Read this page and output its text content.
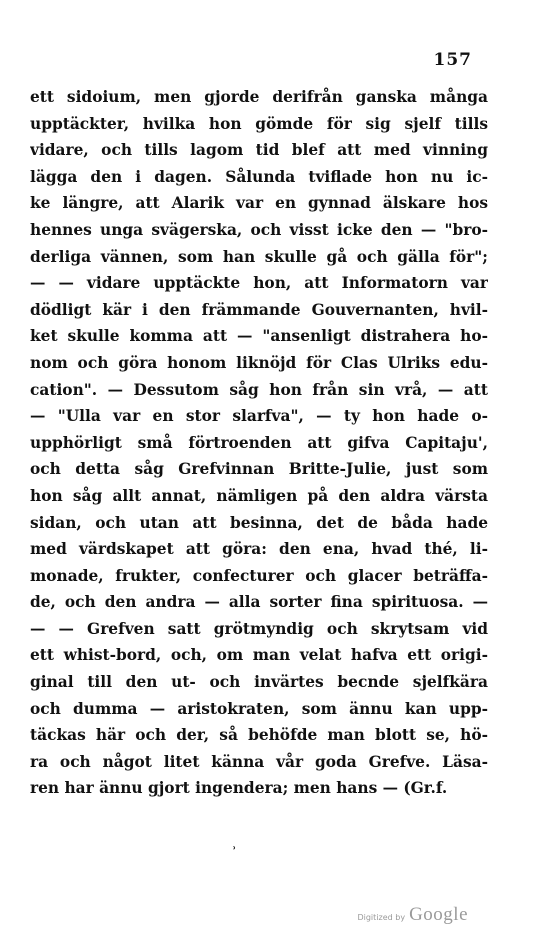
157
ett sidoium, men gjorde derifrån ganska många
upptäckter, hvilka hon gömde för sig sjelf tills
vidare, och tills lagom tid blef att med vinning
lägga den i dagen. Sålunda tviflade hon nu ic-
ke längre, att Alarik var en gynnad älskare hos
hennes unga svägerska, och visst icke den — "bro-
derliga vännen, som han skulle gå och gälla för";
— — vidare upptäckte hon, att Informatorn var
dödligt kär i den främmande Gouvernanten, hvil-
ket skulle komma att — "ansenligt distrahera ho-
nom och göra honom liknöjd för Clas Ulriks edu-
cation". — Dessutom såg hon från sin vrå, — att
— "Ulla var en stor slarfva", — ty hon hade o-
upphörligt små förtroenden att gifva Capitaju',
och detta såg Grefvinnan Britte-Julie, just som
hon såg allt annat, nämligen på den aldra värsta
sidan, och utan att besinna, det de båda hade
med värdskapet att göra: den ena, hvad thé, li-
monade, frukter, confecturer och glacer beträffa-
de, och den andra — alla sorter fina spirituosa. —
— — Grefven satt grötmyndig och skrytsam vid
ett whist-bord, och, om man velat hafva ett origi-
ginal till den ut- och invärtes becnde sjelfkära
och dumma — aristokraten, som ännu kan upp-
täckas här och der, så behöfde man blott se, hö-
ra och något litet känna vår goda Grefve. Läsa-
ren har ännu gjort ingendera; men hans — (Gr.f.
˒
Digitized by Google
